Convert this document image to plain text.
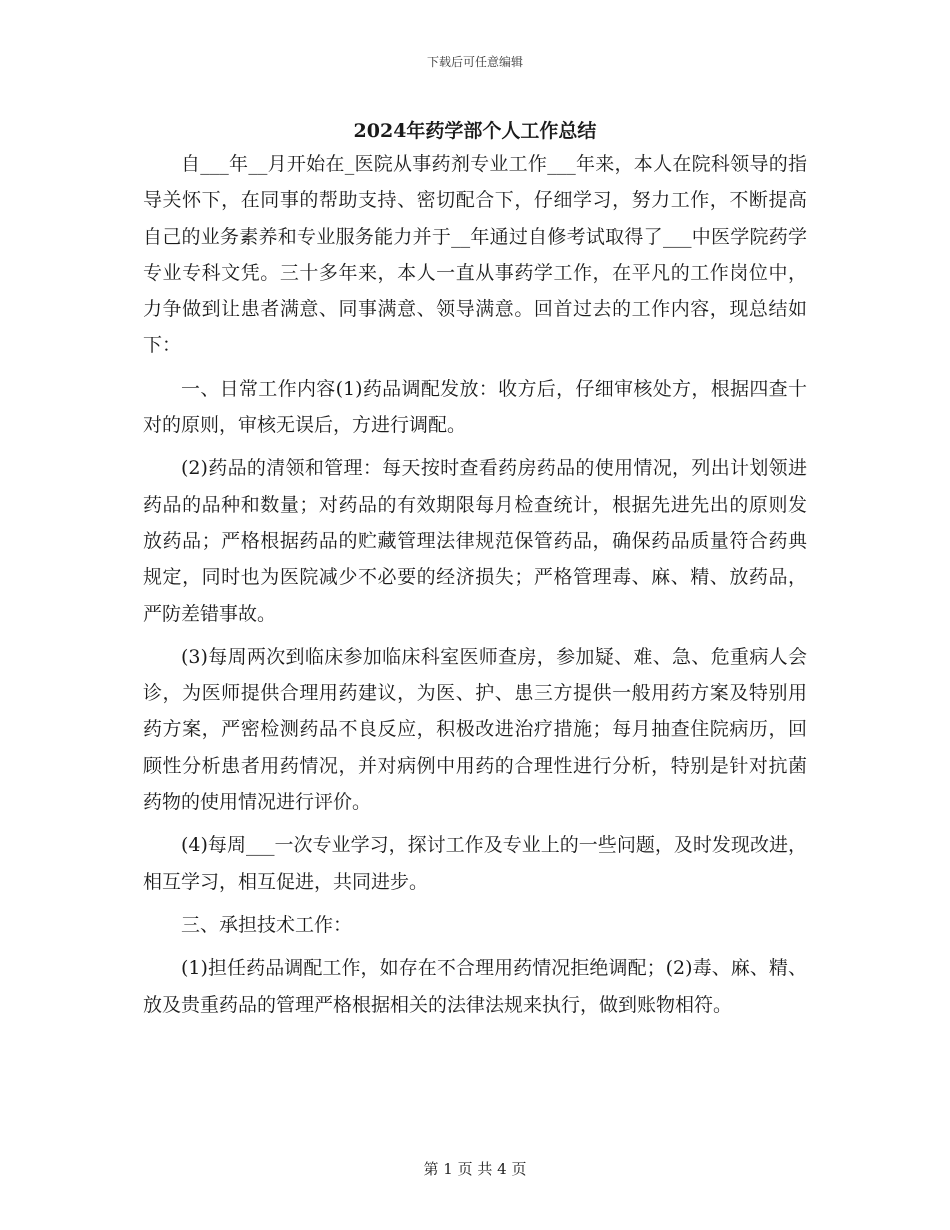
下载后可任意编辑
2024年药学部个人工作总结

自___年__月开始在_医院从事药剂专业工作___年来，本人在院科领导的指导关怀下，在同事的帮助支持、密切配合下，仔细学习，努力工作，不断提高自己的业务素养和专业服务能力并于__年通过自修考试取得了___中医学院药学专业专科文凭。三十多年来，本人一直从事药学工作，在平凡的工作岗位中，力争做到让患者满意、同事满意、领导满意。回首过去的工作内容，现总结如下：

一、日常工作内容(1)药品调配发放：收方后，仔细审核处方，根据四查十对的原则，审核无误后，方进行调配。

(2)药品的清领和管理：每天按时查看药房药品的使用情况，列出计划领进药品的品种和数量；对药品的有效期限每月检查统计，根据先进先出的原则发放药品；严格根据药品的贮藏管理法律规范保管药品，确保药品质量符合药典规定，同时也为医院减少不必要的经济损失；严格管理毒、麻、精、放药品，严防差错事故。

(3)每周两次到临床参加临床科室医师查房，参加疑、难、急、危重病人会诊，为医师提供合理用药建议，为医、护、患三方提供一般用药方案及特别用药方案，严密检测药品不良反应，积极改进治疗措施；每月抽查住院病历，回顾性分析患者用药情况，并对病例中用药的合理性进行分析，特别是针对抗菌药物的使用情况进行评价。

(4)每周___一次专业学习，探讨工作及专业上的一些问题，及时发现改进，相互学习，相互促进，共同进步。

三、承担技术工作：

(1)担任药品调配工作，如存在不合理用药情况拒绝调配；(2)毒、麻、精、放及贵重药品的管理严格根据相关的法律法规来执行，做到账物相符。

第 1 页 共 4 页
